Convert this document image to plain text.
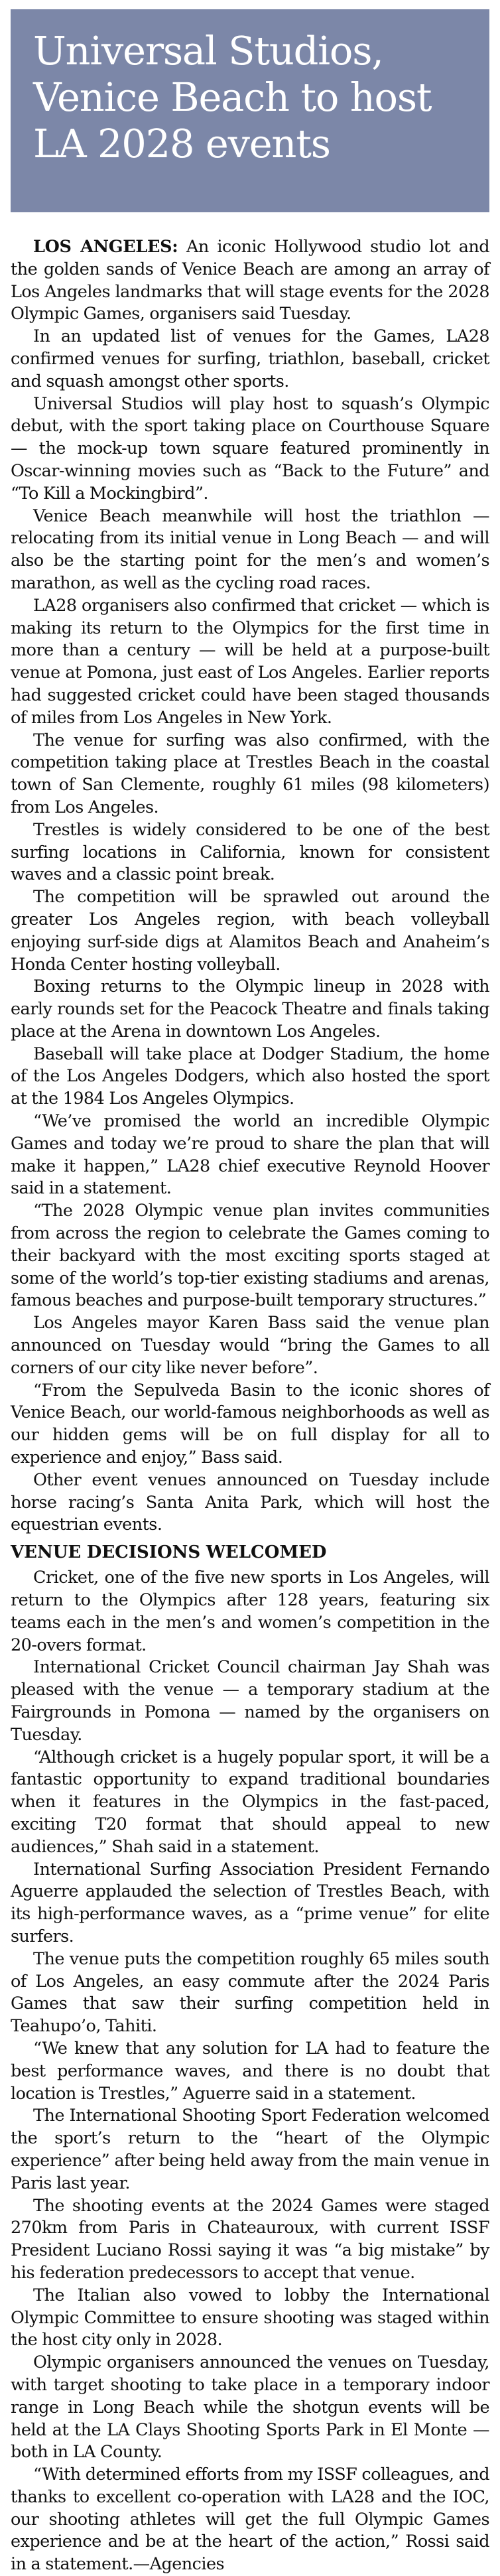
Universal Studios, Venice Beach to host LA 2028 events

LOS ANGELES: An iconic Hollywood studio lot and the golden sands of Venice Beach are among an array of Los Angeles landmarks that will stage events for the 2028 Olympic Games, organisers said Tuesday.

In an updated list of venues for the Games, LA28 confirmed venues for surfing, triathlon, baseball, cricket and squash amongst other sports.

Universal Studios will play host to squash’s Olympic debut, with the sport taking place on Courthouse Square — the mock-up town square featured prominently in Oscar-winning movies such as “Back to the Future” and “To Kill a Mockingbird”.

Venice Beach meanwhile will host the triathlon — relocating from its initial venue in Long Beach — and will also be the starting point for the men’s and women’s marathon, as well as the cycling road races.

LA28 organisers also confirmed that cricket — which is making its return to the Olympics for the first time in more than a century — will be held at a purpose-built venue at Pomona, just east of Los Angeles. Earlier reports had suggested cricket could have been staged thousands of miles from Los Angeles in New York.

The venue for surfing was also confirmed, with the competition taking place at Trestles Beach in the coastal town of San Clemente, roughly 61 miles (98 kilometers) from Los Angeles.

Trestles is widely considered to be one of the best surfing locations in California, known for consistent waves and a classic point break.

The competition will be sprawled out around the greater Los Angeles region, with beach volleyball enjoying surf-side digs at Alamitos Beach and Anaheim’s Honda Center hosting volleyball.

Boxing returns to the Olympic lineup in 2028 with early rounds set for the Peacock Theatre and finals taking place at the Arena in downtown Los Angeles.

Baseball will take place at Dodger Stadium, the home of the Los Angeles Dodgers, which also hosted the sport at the 1984 Los Angeles Olympics.

“We’ve promised the world an incredible Olympic Games and today we’re proud to share the plan that will make it happen,” LA28 chief executive Reynold Hoover said in a statement.

“The 2028 Olympic venue plan invites communities from across the region to celebrate the Games coming to their backyard with the most exciting sports staged at some of the world’s top-tier existing stadiums and arenas, famous beaches and purpose-built temporary structures.”

Los Angeles mayor Karen Bass said the venue plan announced on Tuesday would “bring the Games to all corners of our city like never before”.

“From the Sepulveda Basin to the iconic shores of Venice Beach, our world-famous neighborhoods as well as our hidden gems will be on full display for all to experience and enjoy,” Bass said.

Other event venues announced on Tuesday include horse racing’s Santa Anita Park, which will host the equestrian events.

VENUE DECISIONS WELCOMED

Cricket, one of the five new sports in Los Angeles, will return to the Olympics after 128 years, featuring six teams each in the men’s and women’s competition in the 20-overs format.

International Cricket Council chairman Jay Shah was pleased with the venue — a temporary stadium at the Fairgrounds in Pomona — named by the organisers on Tuesday.

“Although cricket is a hugely popular sport, it will be a fantastic opportunity to expand traditional boundaries when it features in the Olympics in the fast-paced, exciting T20 format that should appeal to new audiences,” Shah said in a statement.

International Surfing Association President Fernando Aguerre applauded the selection of Trestles Beach, with its high-performance waves, as a “prime venue” for elite surfers.

The venue puts the competition roughly 65 miles south of Los Angeles, an easy commute after the 2024 Paris Games that saw their surfing competition held in Teahupo’o, Tahiti.

“We knew that any solution for LA had to feature the best performance waves, and there is no doubt that location is Trestles,” Aguerre said in a statement.

The International Shooting Sport Federation welcomed the sport’s return to the “heart of the Olympic experience” after being held away from the main venue in Paris last year.

The shooting events at the 2024 Games were staged 270km from Paris in Chateauroux, with current ISSF President Luciano Rossi saying it was “a big mistake” by his federation predecessors to accept that venue.

The Italian also vowed to lobby the International Olympic Committee to ensure shooting was staged within the host city only in 2028.

Olympic organisers announced the venues on Tuesday, with target shooting to take place in a temporary indoor range in Long Beach while the shotgun events will be held at the LA Clays Shooting Sports Park in El Monte — both in LA County.

“With determined efforts from my ISSF colleagues, and thanks to excellent co-operation with LA28 and the IOC, our shooting athletes will get the full Olympic Games experience and be at the heart of the action,” Rossi said in a statement.—Agencies
